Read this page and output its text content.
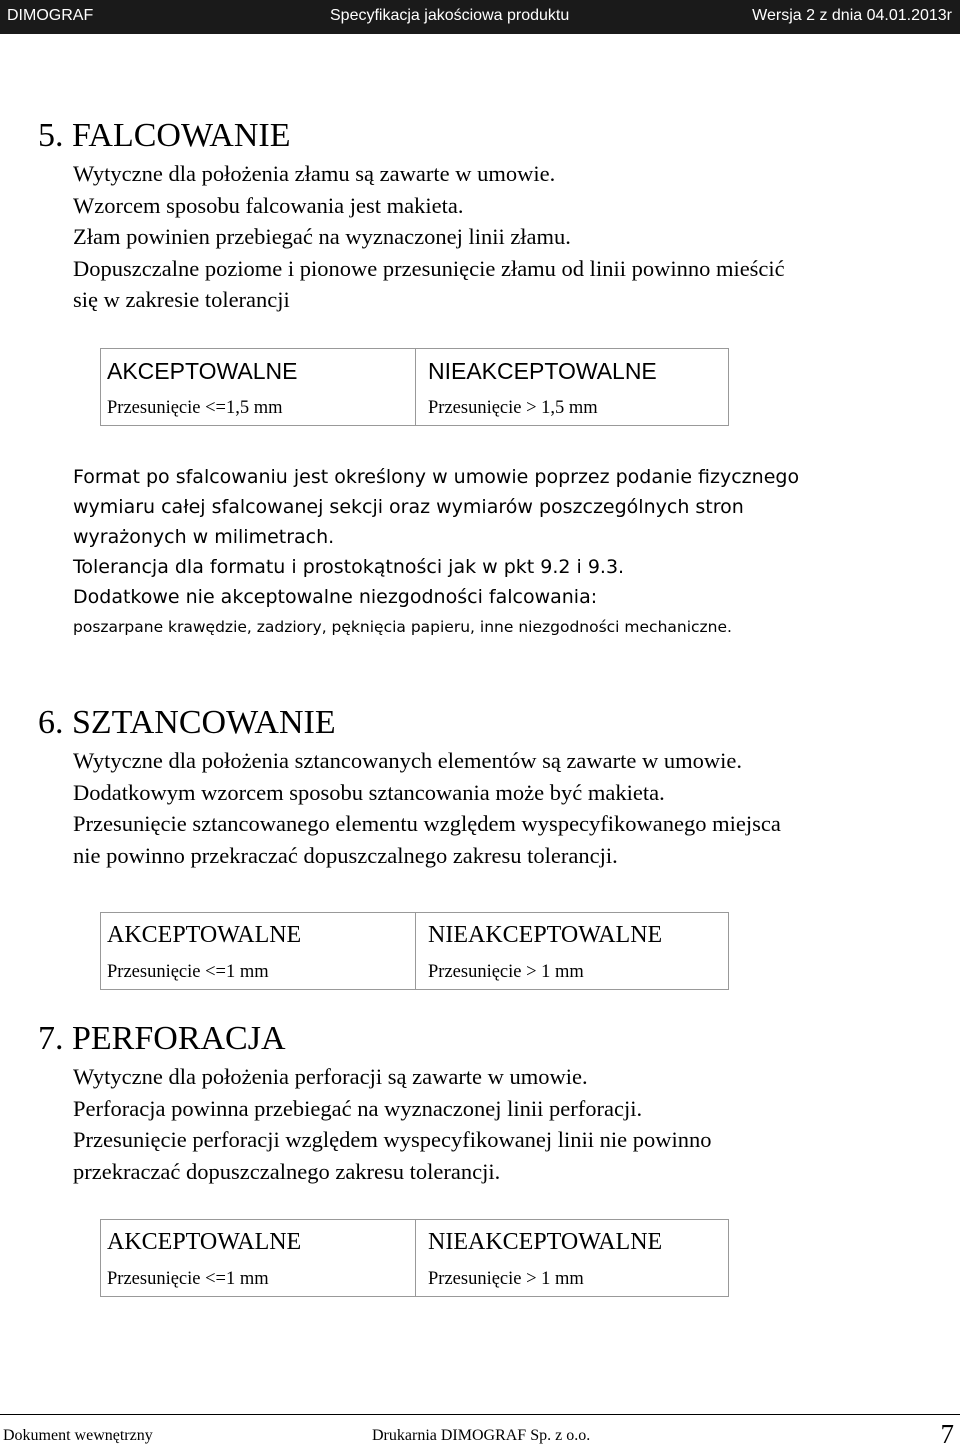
DIMOGRAF	Specyfikacja jakościowa produktu	Wersja 2 z dnia 04.01.2013r
5. FALCOWANIE
Wytyczne dla położenia złamu są zawarte w umowie.
Wzorcem sposobu falcowania jest makieta.
Złam powinien przebiegać na wyznaczonej linii złamu.
Dopuszczalne poziome i pionowe przesunięcie złamu od linii powinno mieścić
się w zakresie tolerancji
AKCEPTOWALNE	NIEAKCEPTOWALNE
Przesunięcie <=1,5 mm	Przesunięcie > 1,5 mm
Format po sfalcowaniu jest określony w umowie poprzez podanie fizycznego
wymiaru całej sfalcowanej sekcji oraz wymiarów poszczególnych stron
wyrażonych w milimetrach.
Tolerancja dla formatu i prostokątności jak w pkt 9.2 i 9.3.
Dodatkowe nie akceptowalne niezgodności falcowania:
poszarpane krawędzie, zadziory, pęknięcia papieru, inne niezgodności mechaniczne.
6. SZTANCOWANIE
Wytyczne dla położenia sztancowanych elementów są zawarte w umowie.
Dodatkowym wzorcem sposobu sztancowania może być makieta.
Przesunięcie sztancowanego elementu względem wyspecyfikowanego miejsca
nie powinno przekraczać dopuszczalnego zakresu tolerancji.
AKCEPTOWALNE	NIEAKCEPTOWALNE
Przesunięcie <=1 mm	Przesunięcie > 1 mm
7. PERFORACJA
Wytyczne dla położenia perforacji są zawarte w umowie.
Perforacja powinna przebiegać na wyznaczonej linii perforacji.
Przesunięcie perforacji względem wyspecyfikowanej linii nie powinno
przekraczać dopuszczalnego zakresu tolerancji.
AKCEPTOWALNE	NIEAKCEPTOWALNE
Przesunięcie <=1 mm	Przesunięcie > 1 mm
Dokument wewnętrzny	Drukarnia DIMOGRAF Sp. z o.o.	7
